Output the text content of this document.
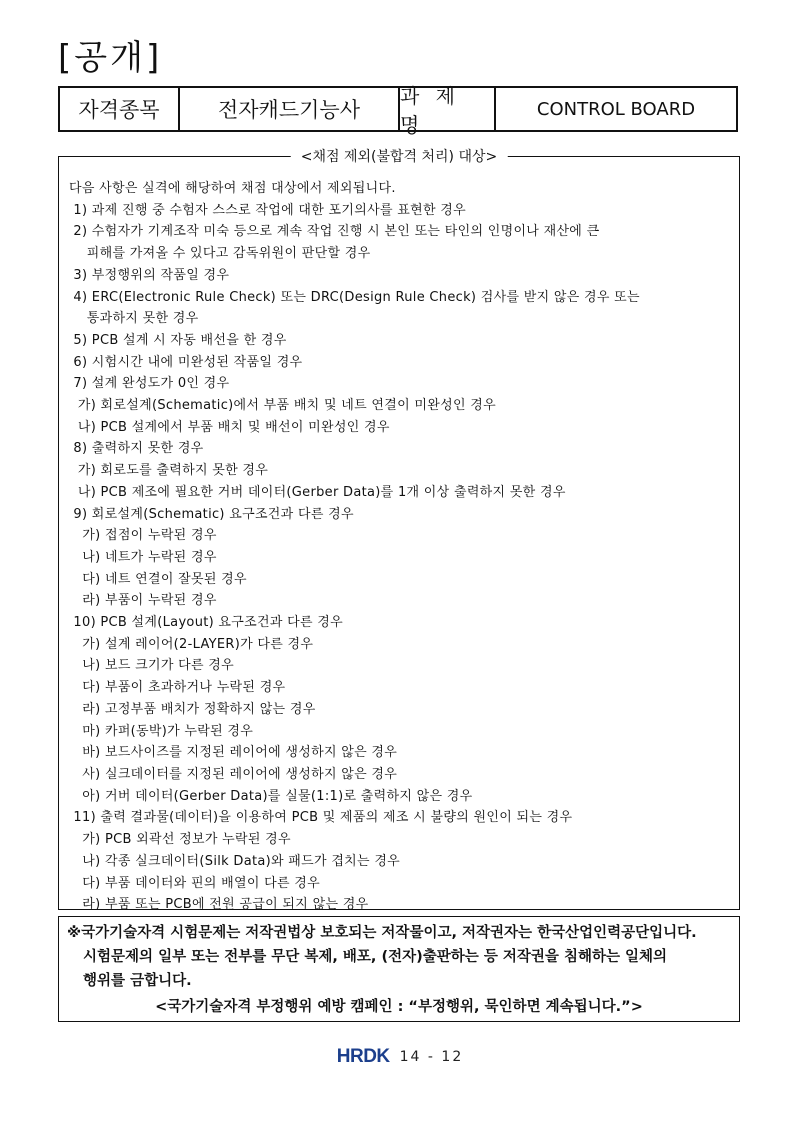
[공개]
자격종목	전자캐드기능사
과 제 명
CONTROL BOARD
<채점 제외(불합격 처리) 대상>
다음 사항은 실격에 해당하여 채점 대상에서 제외됩니다.
1) 과제 진행 중 수험자 스스로 작업에 대한 포기의사를 표현한 경우
2) 수험자가 기계조작 미숙 등으로 계속 작업 진행 시 본인 또는 타인의 인명이나 재산에 큰
피해를 가져올 수 있다고 감독위원이 판단할 경우
3) 부정행위의 작품일 경우
4) ERC(Electronic Rule Check) 또는 DRC(Design Rule Check) 검사를 받지 않은 경우 또는
통과하지 못한 경우
5) PCB 설계 시 자동 배선을 한 경우
6) 시험시간 내에 미완성된 작품일 경우
7) 설계 완성도가 0인 경우
가) 회로설계(Schematic)에서 부품 배치 및 네트 연결이 미완성인 경우
나) PCB 설계에서 부품 배치 및 배선이 미완성인 경우
8) 출력하지 못한 경우
가) 회로도를 출력하지 못한 경우
나) PCB 제조에 필요한 거버 데이터(Gerber Data)를 1개 이상 출력하지 못한 경우
9) 회로설계(Schematic) 요구조건과 다른 경우
가) 접점이 누락된 경우
나) 네트가 누락된 경우
다) 네트 연결이 잘못된 경우
라) 부품이 누락된 경우
10) PCB 설계(Layout) 요구조건과 다른 경우
가) 설계 레이어(2-LAYER)가 다른 경우
나) 보드 크기가 다른 경우
다) 부품이 초과하거나 누락된 경우
라) 고정부품 배치가 정확하지 않는 경우
마) 카퍼(동박)가 누락된 경우
바) 보드사이즈를 지정된 레이어에 생성하지 않은 경우
사) 실크데이터를 지정된 레이어에 생성하지 않은 경우
아) 거버 데이터(Gerber Data)를 실물(1:1)로 출력하지 않은 경우
11) 출력 결과물(데이터)을 이용하여 PCB 및 제품의 제조 시 불량의 원인이 되는 경우
가) PCB 외곽선 정보가 누락된 경우
나) 각종 실크데이터(Silk Data)와 패드가 겹치는 경우
다) 부품 데이터와 핀의 배열이 다른 경우
라) 부품 또는 PCB에 전원 공급이 되지 않는 경우
※국가기술자격 시험문제는 저작권법상 보호되는 저작물이고, 저작권자는 한국산업인력공단입니다.
시험문제의 일부 또는 전부를 무단 복제, 배포, (전자)출판하는 등 저작권을 침해하는 일체의
행위를 금합니다.
<국가기술자격 부정행위 예방 캠페인 : “부정행위, 묵인하면 계속됩니다.”>
HRDK 14 - 12
